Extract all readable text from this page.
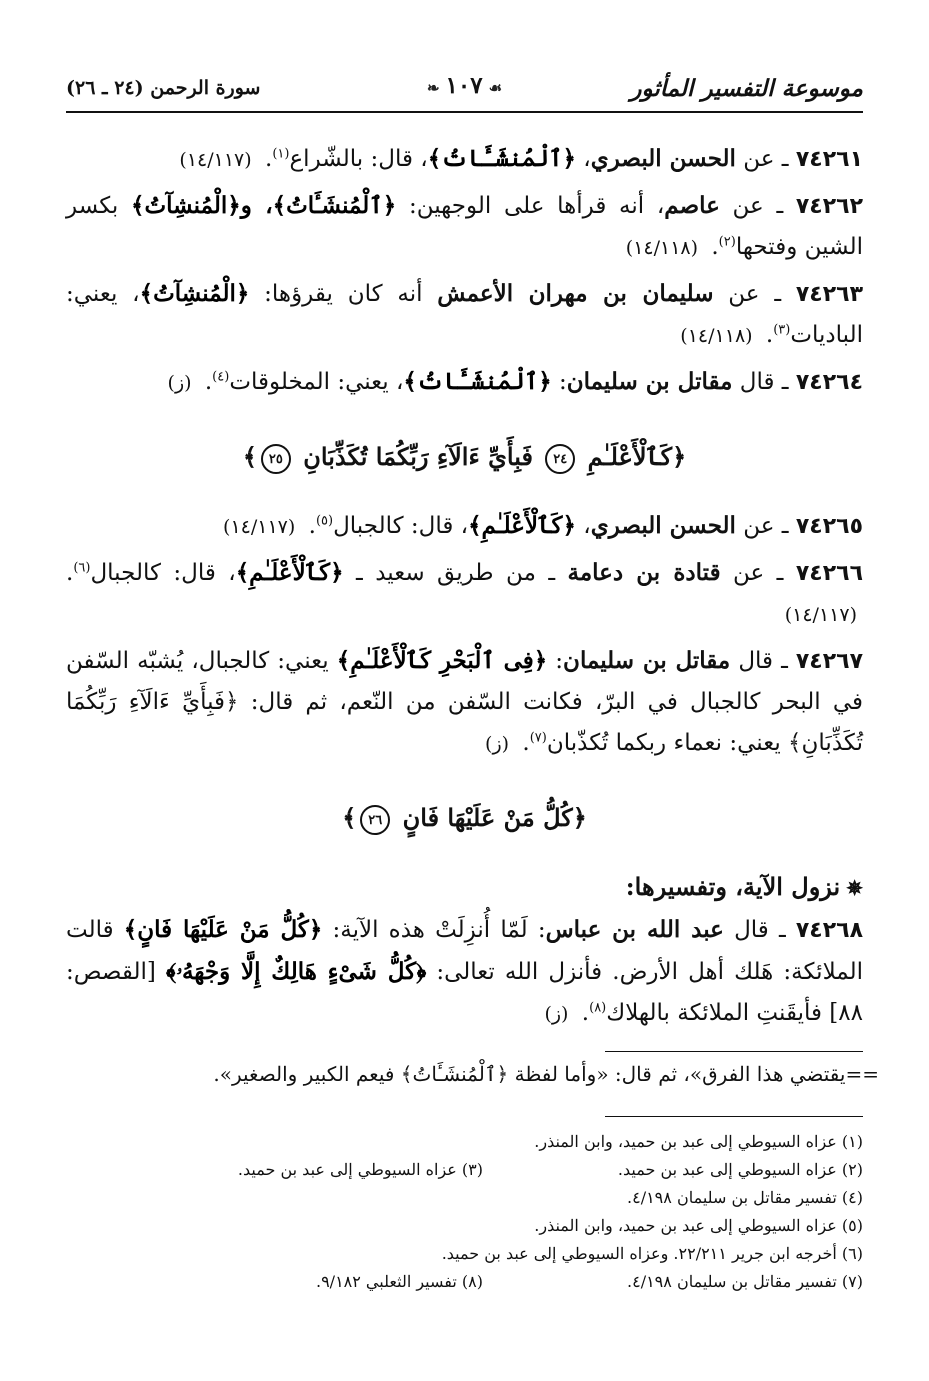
موسوعة التفسير المأثور
☙١٠٧❧
سورة الرحمن (٢٤ ـ ٢٦)
٧٤٢٦١ ـ عن الحسن البصري، ﴿ٱلْمُنشَـَٔاتُ﴾، قال: بالشّراع$^{(١)}$. (١٤/١١٧)
٧٤٢٦٢ ـ عن عاصم، أنه قرأها على الوجهين: ﴿ٱلْمُنشَـَٔاتُ﴾، و﴿الْمُنشِآتُ﴾ بكسر الشين وفتحها$^{(٢)}$. (١٤/١١٨)
٧٤٢٦٣ ـ عن سليمان بن مهران الأعمش أنه كان يقرؤها: ﴿الْمُنشِآتُ﴾، يعني: الباديات$^{(٣)}$. (١٤/١١٨)
٧٤٢٦٤ ـ قال مقاتل بن سليمان: ﴿ٱلْمُنشَـَٔاتُ﴾، يعني: المخلوقات$^{(٤)}$. (ز)
﴿كَٱلْأَعْلَـٰمِ ٢٤ فَبِأَيِّ ءَالَآءِ رَبِّكُمَا تُكَذِّبَانِ ٢٥﴾
٧٤٢٦٥ ـ عن الحسن البصري، ﴿كَٱلْأَعْلَـٰمِ﴾، قال: كالجبال$^{(٥)}$. (١٤/١١٧)
٧٤٢٦٦ ـ عن قتادة بن دعامة ـ من طريق سعيد ـ ﴿كَٱلْأَعْلَـٰمِ﴾، قال: كالجبال$^{(٦)}$. (١٤/١١٧)
٧٤٢٦٧ ـ قال مقاتل بن سليمان: ﴿فِى ٱلْبَحْرِ كَٱلْأَعْلَـٰمِ﴾ يعني: كالجبال، يُشبّه السّفن في البحر كالجبال في البرّ، فكانت السّفن من النّعم، ثم قال: ﴿فَبِأَيِّ ءَالَآءِ رَبِّكُمَا تُكَذِّبَانِ﴾ يعني: نعماء ربكما تُكذّبان$^{(٧)}$. (ز)
﴿كُلُّ مَنْ عَلَيْهَا فَانٍ ٢٦﴾
✵نزول الآية، وتفسيرها:
٧٤٢٦٨ ـ قال عبد الله بن عباس: لَمّا أُنزِلَتْ هذه الآية: ﴿كُلُّ مَنْ عَلَيْهَا فَانٍ﴾ قالت الملائكة: هَلك أهل الأرض. فأنزل الله تعالى: ﴿كُلُّ شَىْءٍ هَالِكٌ إِلَّا وَجْهَهُۥ﴾ [القصص: ٨٨] فأيقَنتِ الملائكة بالهلاك$^{(٨)}$. (ز)
==يقتضي هذا الفرق»، ثم قال: «وأما لفظة ﴿ٱلْمُنشَـَٔاتُ﴾ فيعم الكبير والصغير».
(١) عزاه السيوطي إلى عبد بن حميد، وابن المنذر.
(٢) عزاه السيوطي إلى عبد بن حميد.
(٣) عزاه السيوطي إلى عبد بن حميد.
(٤) تفسير مقاتل بن سليمان ٤/١٩٨.
(٥) عزاه السيوطي إلى عبد بن حميد، وابن المنذر.
(٦) أخرجه ابن جرير ٢٢/٢١١. وعزاه السيوطي إلى عبد بن حميد.
(٧) تفسير مقاتل بن سليمان ٤/١٩٨.
(٨) تفسير الثعلبي ٩/١٨٢.
